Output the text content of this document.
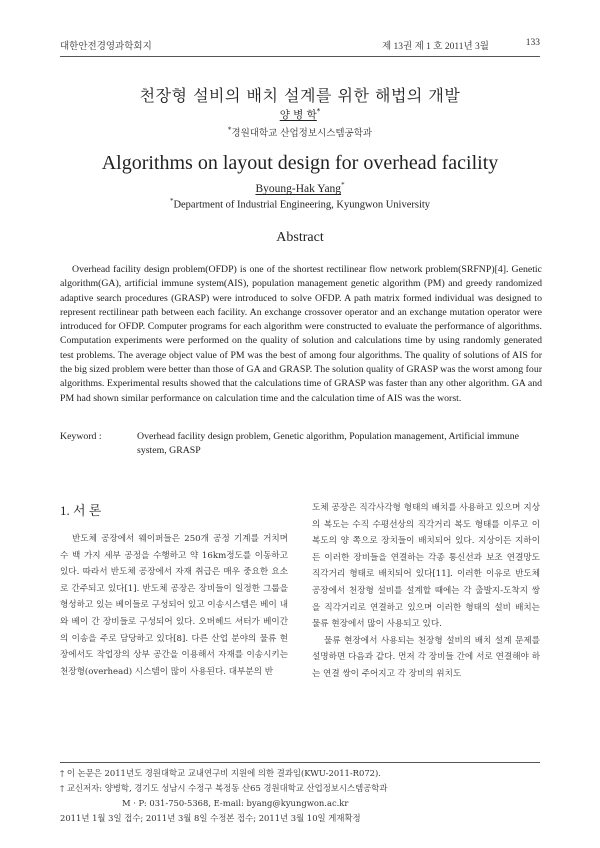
대한안전경영과학회지	제 13권 제 1 호 2011년 3월	133
천장형 설비의 배치 설계를 위한 해법의 개발
양 병 학*
*경원대학교 산업정보시스템공학과
Algorithms on layout design for overhead facility
Byoung-Hak Yang*
*Department of Industrial Engineering, Kyungwon University
Abstract

Overhead facility design problem(OFDP) is one of the shortest rectilinear flow network problem(SRFNP)[4]. Genetic algorithm(GA), artificial immune system(AIS), population management genetic algorithm (PM) and greedy randomized adaptive search procedures (GRASP) were introduced to solve OFDP. A path matrix formed individual was designed to represent rectilinear path between each facility. An exchange crossover operator and an exchange mutation operator were introduced for OFDP. Computer programs for each algorithm were constructed to evaluate the performance of algorithms. Computation experiments were performed on the quality of solution and calculations time by using randomly generated test problems. The average object value of PM was the best of among four algorithms. The quality of solutions of AIS for the big sized problem were better than those of GA and GRASP. The solution quality of GRASP was the worst among four algorithms. Experimental results showed that the calculations time of GRASP was faster than any other algorithm. GA and PM had shown similar performance on calculation time and the calculation time of AIS was the worst.

Keyword :	Overhead facility design problem, Genetic algorithm, Population management, Artificial immune system, GRASP
1. 서 론

반도체 공장에서 웨이퍼들은 250개 공정 기계를 거치며 수 백 가지 세부 공정을 수행하고 약 16km정도를 이동하고 있다. 따라서 반도체 공장에서 자재 취급은 매우 중요한 요소로 간주되고 있다[1]. 반도체 공장은 장비들이 일정한 그룹을 형성하고 있는 베이들로 구성되어 있고 이송시스템은 베이 내와 베이 간 장비들로 구성되어 있다. 오버헤드 셔터가 베이간의 이송을 주로 담당하고 있다[8]. 다른 산업 분야의 물류 현장에서도 작업장의 상부 공간을 이용해서 자재를 이송시키는 천장형(overhead) 시스템이 많이 사용된다. 대부분의 반

도체 공장은 직각사각형 형태의 배치를 사용하고 있으며 지상의 복도는 수직 수평선상의 직각거리 복도 형태를 이루고 이 복도의 양 쪽으로 장치들이 배치되어 있다. 지상이든 지하이든 이러한 장비들을 연결하는 각종 통신선과 보조 연결망도 직각거리 형태로 배치되어 있다[11]. 이러한 이유로 반도체 공장에서 천장형 설비를 설계할 때에는 각 출발지-도착지 쌍을 직각거리로 연결하고 있으며 이러한 형태의 설비 배치는 물류 현장에서 많이 사용되고 있다.

물류 현장에서 사용되는 천장형 설비의 배치 설계 문제를 설명하면 다음과 같다. 먼저 각 장비들 간에 서로 연결해야 하는 연결 쌍이 주어지고 각 장비의 위치도

† 이 논문은 2011년도 경원대학교 교내연구비 지원에 의한 결과임(KWU-2011-R072).
† 교신저자: 양병학, 경기도 성남시 수정구 복정동 산65 경원대학교 산업정보시스템공학과
M · P: 031-750-5368, E-mail: byang@kyungwon.ac.kr
2011년 1월 3일 접수; 2011년 3월 8일 수정본 접수; 2011년 3월 10일 게재확정
